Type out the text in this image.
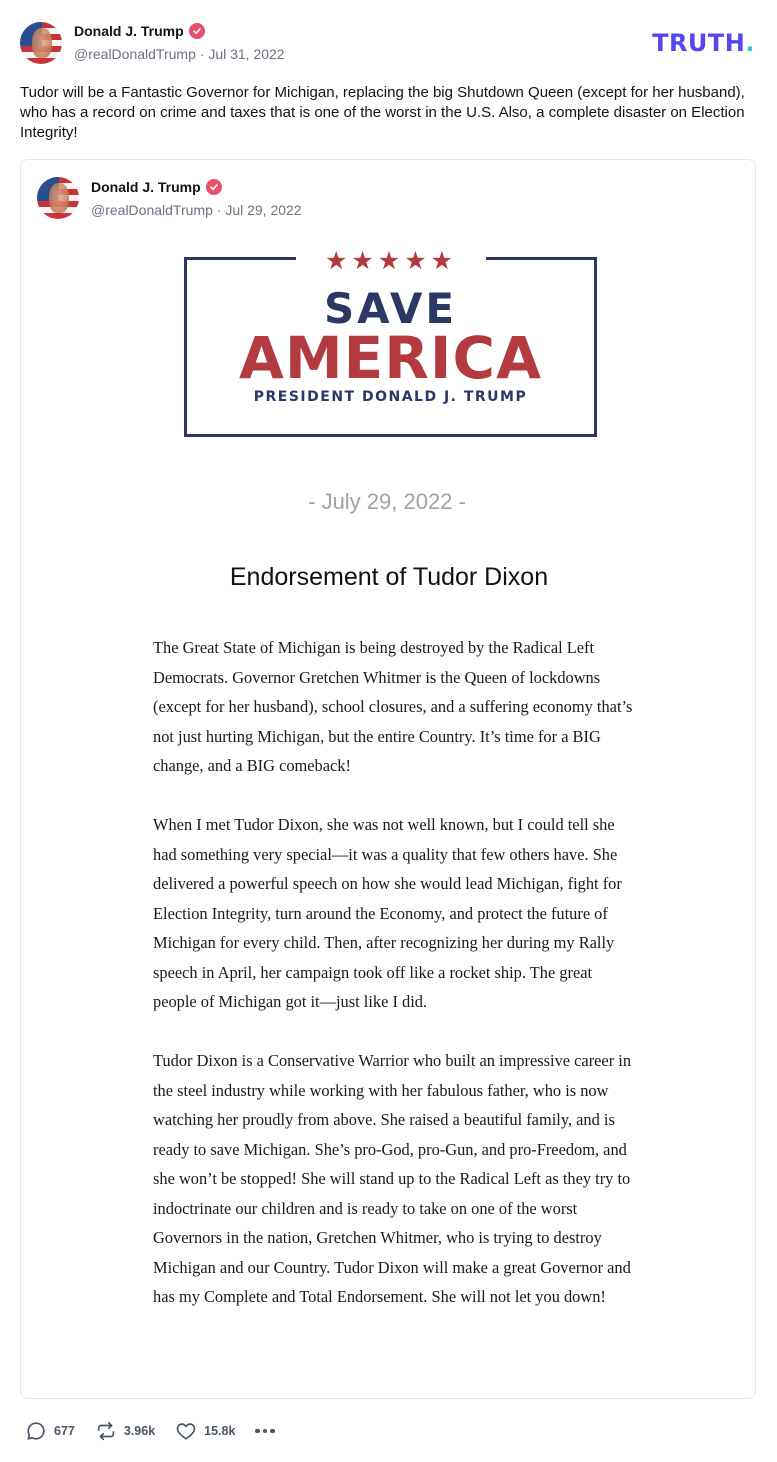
Donald J. Trump
@realDonaldTrump · Jul 31, 2022	TRUTH.
Tudor will be a Fantastic Governor for Michigan, replacing the big Shutdown Queen (except for her husband), who has a record on crime and taxes that is one of the worst in the U.S. Also, a complete disaster on Election Integrity!
Donald J. Trump
@realDonaldTrump · Jul 29, 2022
★★★★★
SAVE
AMERICA
PRESIDENT DONALD J. TRUMP
- July 29, 2022 -
Endorsement of Tudor Dixon

The Great State of Michigan is being destroyed by the Radical Left Democrats. Governor Gretchen Whitmer is the Queen of lockdowns (except for her husband), school closures, and a suffering economy that’s not just hurting Michigan, but the entire Country. It’s time for a BIG change, and a BIG comeback!

When I met Tudor Dixon, she was not well known, but I could tell she had something very special—it was a quality that few others have. She delivered a powerful speech on how she would lead Michigan, fight for Election Integrity, turn around the Economy, and protect the future of Michigan for every child. Then, after recognizing her during my Rally speech in April, her campaign took off like a rocket ship. The great people of Michigan got it—just like I did.

Tudor Dixon is a Conservative Warrior who built an impressive career in the steel industry while working with her fabulous father, who is now watching her proudly from above. She raised a beautiful family, and is ready to save Michigan. She’s pro-God, pro-Gun, and pro-Freedom, and she won’t be stopped! She will stand up to the Radical Left as they try to indoctrinate our children and is ready to take on one of the worst Governors in the nation, Gretchen Whitmer, who is trying to destroy Michigan and our Country. Tudor Dixon will make a great Governor and has my Complete and Total Endorsement. She will not let you down!

677	3.96k	15.8k
